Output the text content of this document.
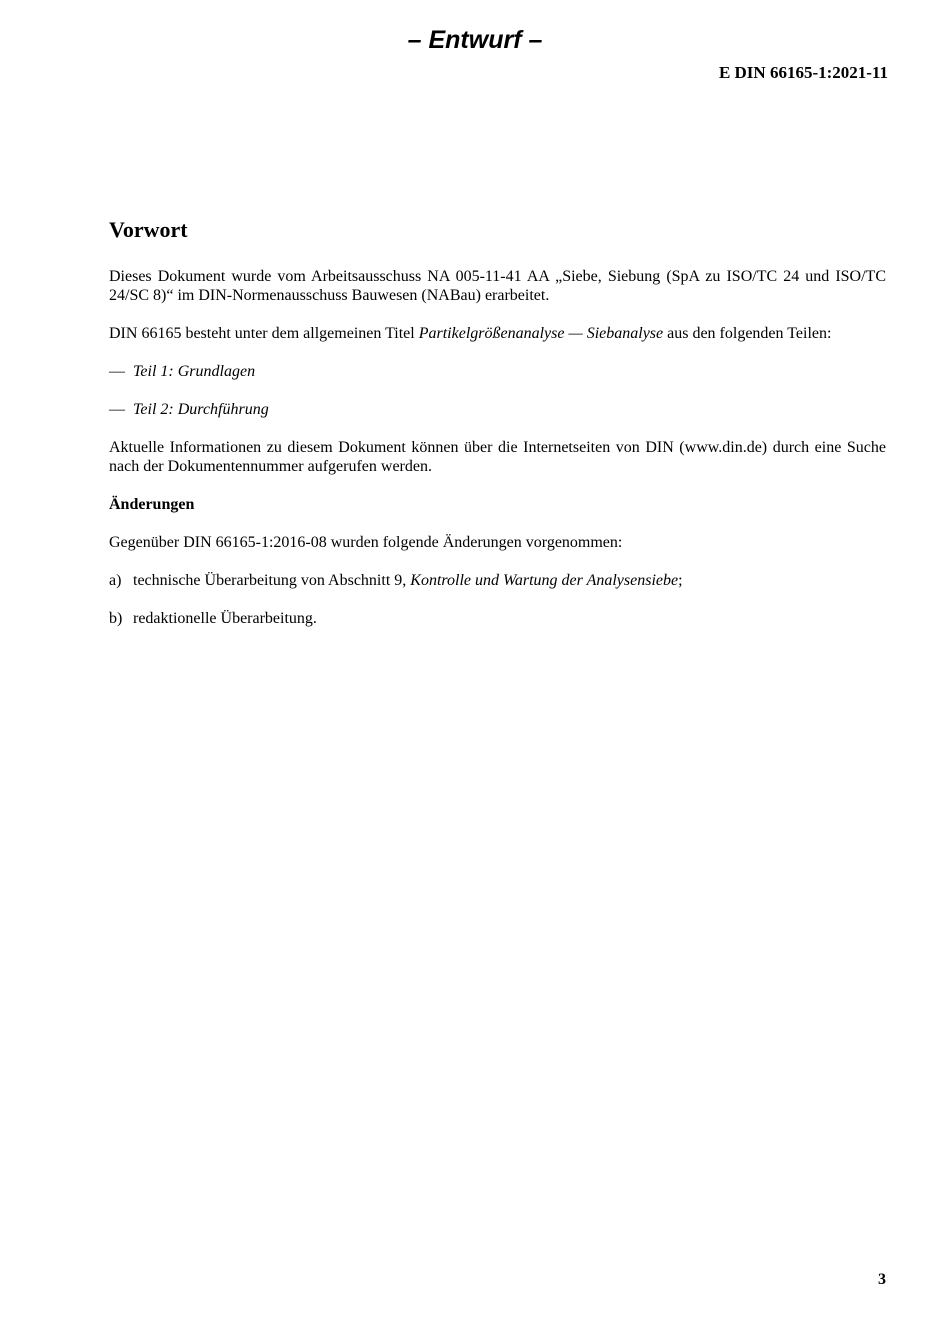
– Entwurf –
E DIN 66165-1:2021-11
Vorwort

Dieses Dokument wurde vom Arbeitsausschuss NA 005-11-41 AA „Siebe, Siebung (SpA zu ISO/TC 24 und ISO/TC 24/SC 8)“ im DIN-Normenausschuss Bauwesen (NABau) erarbeitet.

DIN 66165 besteht unter dem allgemeinen Titel Partikelgrößenanalyse — Siebanalyse aus den folgenden Teilen:

— Teil 1: Grundlagen
— Teil 2: Durchführung

Aktuelle Informationen zu diesem Dokument können über die Internetseiten von DIN (www.din.de) durch eine Suche nach der Dokumentennummer aufgerufen werden.

Änderungen

Gegenüber DIN 66165-1:2016-08 wurden folgende Änderungen vorgenommen:

a) technische Überarbeitung von Abschnitt 9, Kontrolle und Wartung der Analysensiebe;
b) redaktionelle Überarbeitung.
3
